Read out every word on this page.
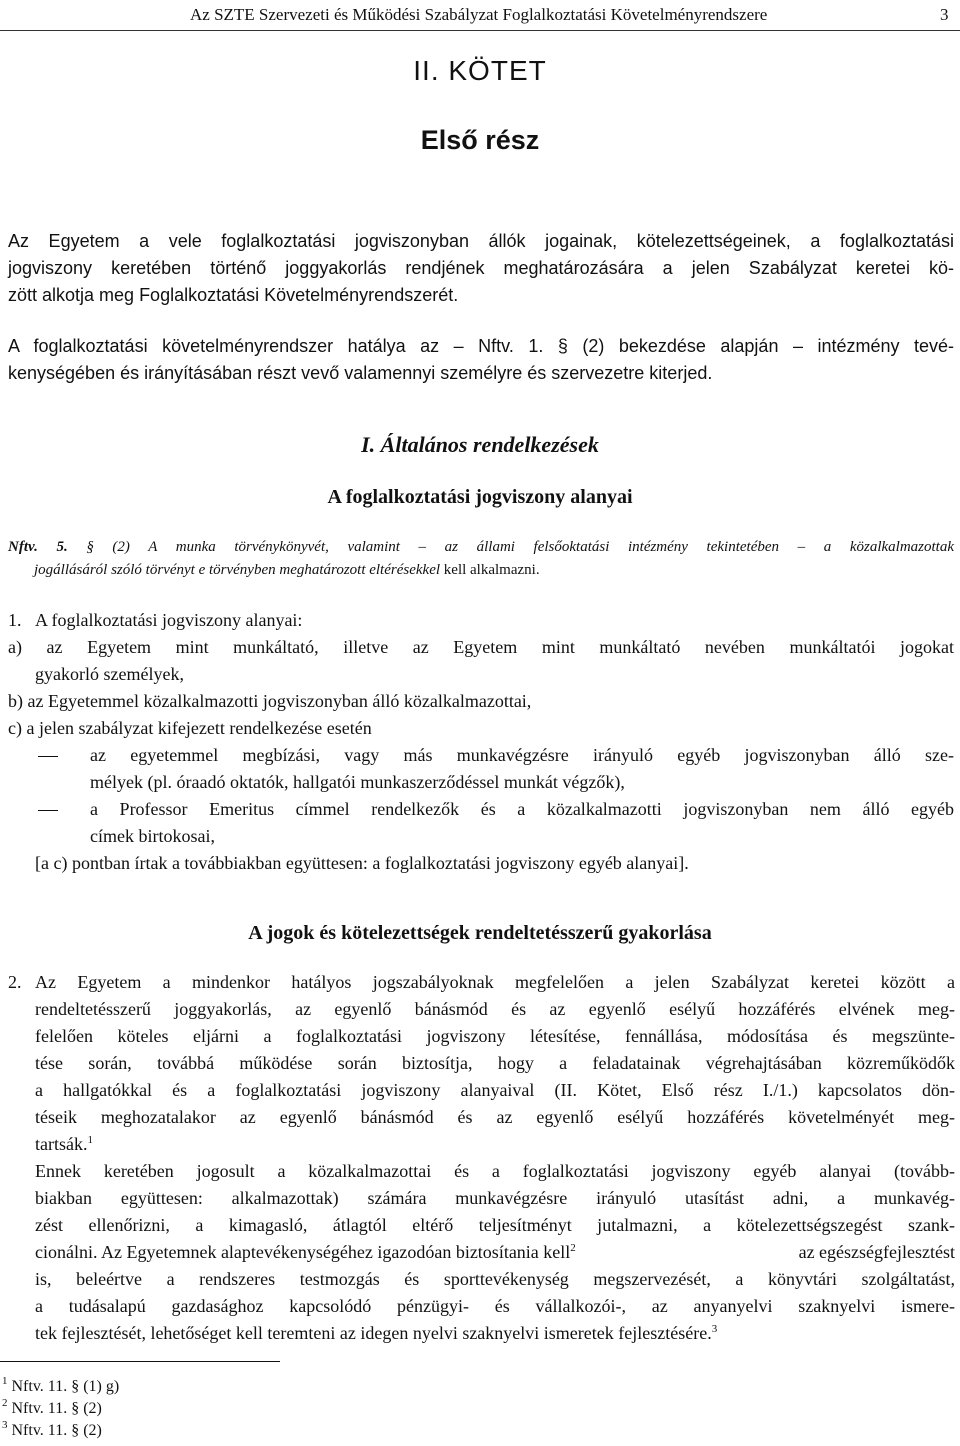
Az SZTE Szervezeti és Működési Szabályzat Foglalkoztatási Követelményrendszere	3
II. KÖTET
Első rész
Az Egyetem a vele foglalkoztatási jogviszonyban állók jogainak, kötelezettségeinek, a foglalkoztatási
jogviszony keretében történő joggyakorlás rendjének meghatározására a jelen Szabályzat keretei kö-
zött alkotja meg Foglalkoztatási Követelményrendszerét.
A foglalkoztatási követelményrendszer hatálya az – Nftv. 1. § (2) bekezdése alapján – intézmény tevé-
kenységében és irányításában részt vevő valamennyi személyre és szervezetre kiterjed.
I. Általános rendelkezések
A foglalkoztatási jogviszony alanyai
Nftv. 5. § (2) A munka törvénykönyvét, valamint – az állami felsőoktatási intézmény tekintetében – a közalkalmazottak
jogállásáról szóló törvényt e törvényben meghatározott eltérésekkel kell alkalmazni.
1. A foglalkoztatási jogviszony alanyai:
a) az Egyetem mint munkáltató, illetve az Egyetem mint munkáltató nevében munkáltatói jogokat
gyakorló személyek,
b) az Egyetemmel közalkalmazotti jogviszonyban álló közalkalmazottai,
c) a jelen szabályzat kifejezett rendelkezése esetén
az egyetemmel megbízási, vagy más munkavégzésre irányuló egyéb jogviszonyban álló sze-
mélyek (pl. óraadó oktatók, hallgatói munkaszerződéssel munkát végzők),
a Professor Emeritus címmel rendelkezők és a közalkalmazotti jogviszonyban nem álló egyéb
címek birtokosai,
[a c) pontban írtak a továbbiakban együttesen: a foglalkoztatási jogviszony egyéb alanyai].
A jogok és kötelezettségek rendeltetésszerű gyakorlása
2. Az Egyetem a mindenkor hatályos jogszabályoknak megfelelően a jelen Szabályzat keretei között a
rendeltetésszerű joggyakorlás, az egyenlő bánásmód és az egyenlő esélyű hozzáférés elvének meg-
felelően köteles eljárni a foglalkoztatási jogviszony létesítése, fennállása, módosítása és megszünte-
tése során, továbbá működése során biztosítja, hogy a feladatainak végrehajtásában közreműködők
a hallgatókkal és a foglalkoztatási jogviszony alanyaival (II. Kötet, Első rész I./1.) kapcsolatos dön-
téseik meghozatalakor az egyenlő bánásmód és az egyenlő esélyű hozzáférés követelményét meg-
tartsák.$^1$
Ennek keretében jogosult a közalkalmazottai és a foglalkoztatási jogviszony egyéb alanyai (tovább-
biakban együttesen: alkalmazottak) számára munkavégzésre irányuló utasítást adni, a munkavég-
zést ellenőrizni, a kimagasló, átlagtól eltérő teljesítményt jutalmazni, a kötelezettségszegést szank-
cionálni. Az Egyetemnek alaptevékenységéhez igazodóan biztosítania kell$^2$	az egészségfejlesztést
is, beleértve a rendszeres testmozgás és sporttevékenység megszervezését, a könyvtári szolgáltatást,
a tudásalapú gazdasághoz kapcsolódó pénzügyi- és vállalkozói-, az anyanyelvi szaknyelvi ismere-
tek fejlesztését, lehetőséget kell teremteni az idegen nyelvi szaknyelvi ismeretek fejlesztésére.$^3$
$^1$ Nftv. 11. § (1) g)
$^2$ Nftv. 11. § (2)
$^3$ Nftv. 11. § (2)
